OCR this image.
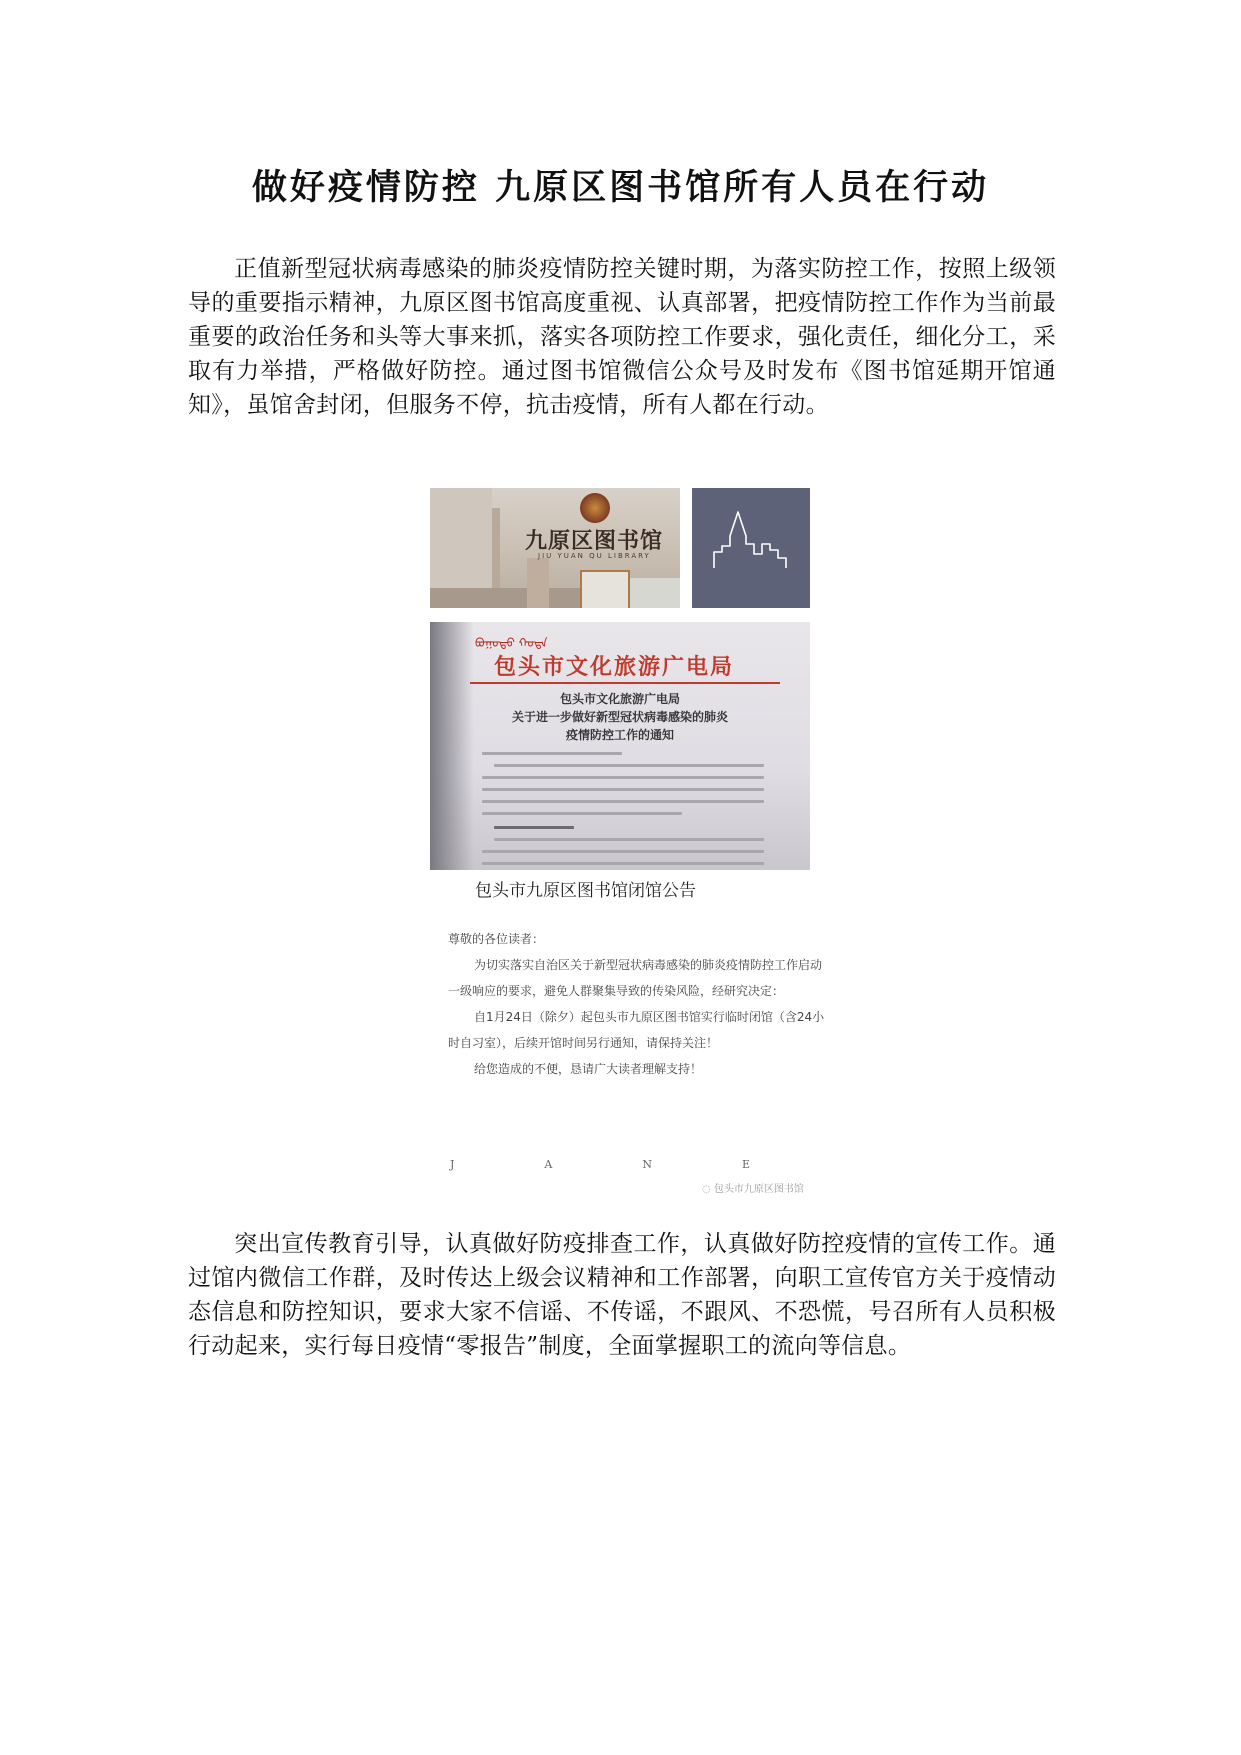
做好疫情防控 九原区图书馆所有人员在行动
正值新型冠状病毒感染的肺炎疫情防控关键时期，为落实防控工作，按照上级领导的重要指示精神，九原区图书馆高度重视、认真部署，把疫情防控工作作为当前最重要的政治任务和头等大事来抓，落实各项防控工作要求，强化责任，细化分工，采取有力举措，严格做好防控。通过图书馆微信公众号及时发布《图书馆延期开馆通知》，虽馆舍封闭，但服务不停，抗击疫情，所有人都在行动。
九原区图书馆
JIU YUAN QU LIBRARY
ᠪᠣᠭᠣᠲᠣ ᠬᠣᠲᠠ
包头市文化旅游广电局
包头市文化旅游广电局
关于进一步做好新型冠状病毒感染的肺炎
疫情防控工作的通知
包头市九原区图书馆闭馆公告
尊敬的各位读者：
为切实落实自治区关于新型冠状病毒感染的肺炎疫情防控工作启动一级响应的要求，避免人群聚集导致的传染风险，经研究决定：
自1月24日（除夕）起包头市九原区图书馆实行临时闭馆（含24小时自习室），后续开馆时间另行通知，请保持关注！
给您造成的不便，恳请广大读者理解支持！
J	A	N	E
◌ 包头市九原区图书馆
突出宣传教育引导，认真做好防疫排查工作，认真做好防控疫情的宣传工作。通过馆内微信工作群，及时传达上级会议精神和工作部署，向职工宣传官方关于疫情动态信息和防控知识，要求大家不信谣、不传谣，不跟风、不恐慌，号召所有人员积极行动起来，实行每日疫情“零报告”制度，全面掌握职工的流向等信息。
